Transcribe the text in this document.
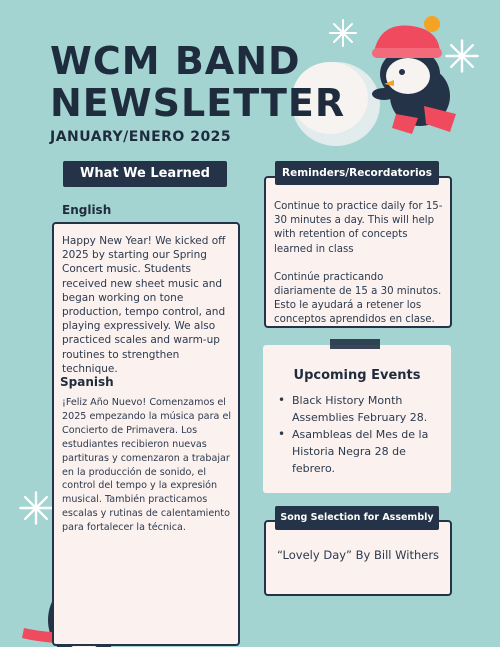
WCM BAND
NEWSLETTER
JANUARY/ENERO 2025
What We Learned
English
Happy New Year! We kicked off 2025 by starting our Spring Concert music. Students received new sheet music and began working on tone production, tempo control, and playing expressively. We also practiced scales and warm-up routines to strengthen technique.
Spanish
¡Feliz Año Nuevo! Comenzamos el 2025 empezando la música para el Concierto de Primavera. Los estudiantes recibieron nuevas partituras y comenzaron a trabajar en la producción de sonido, el control del tempo y la expresión musical. También practicamos escalas y rutinas de calentamiento para fortalecer la técnica.
Reminders/Recordatorios
Continue to practice daily for 15-30 minutes a day. This will help with retention of concepts learned in class
Continúe practicando diariamente de 15 a 30 minutos. Esto le ayudará a retener los conceptos aprendidos en clase.
Upcoming Events
• Black History Month Assemblies February 28.
• Asambleas del Mes de la Historia Negra 28 de febrero.
Song Selection for Assembly
“Lovely Day” By Bill Withers
